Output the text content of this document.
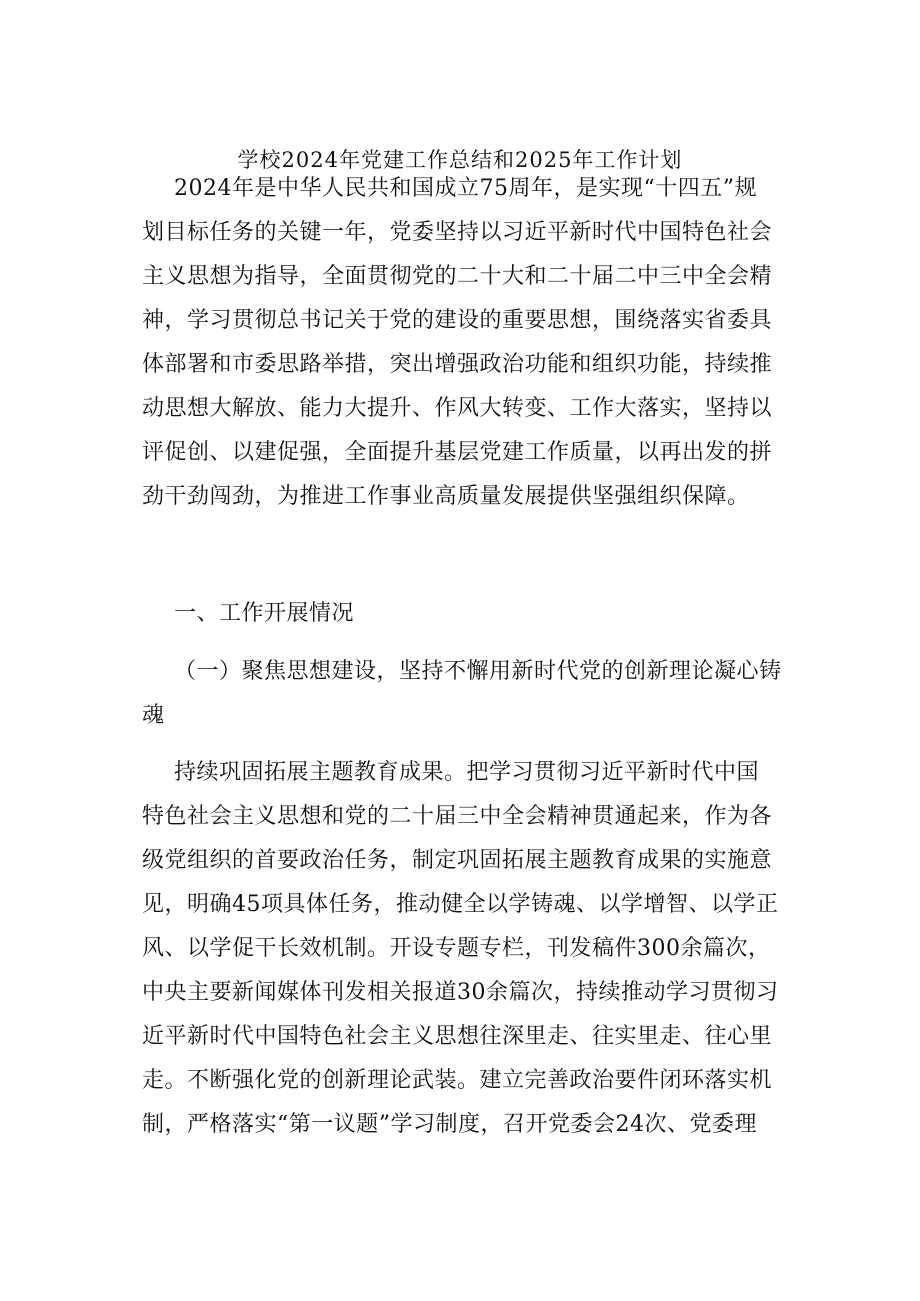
学校2024年党建工作总结和2025年工作计划
2024年是中华人民共和国成立75周年，是实现“十四五”规
划目标任务的关键一年，党委坚持以习近平新时代中国特色社会
主义思想为指导，全面贯彻党的二十大和二十届二中三中全会精
神，学习贯彻总书记关于党的建设的重要思想，围绕落实省委具
体部署和市委思路举措，突出增强政治功能和组织功能，持续推
动思想大解放、能力大提升、作风大转变、工作大落实，坚持以
评促创、以建促强，全面提升基层党建工作质量，以再出发的拼
劲干劲闯劲，为推进工作事业高质量发展提供坚强组织保障。
一、工作开展情况
（一）聚焦思想建设，坚持不懈用新时代党的创新理论凝心铸
魂
持续巩固拓展主题教育成果。把学习贯彻习近平新时代中国
特色社会主义思想和党的二十届三中全会精神贯通起来，作为各
级党组织的首要政治任务，制定巩固拓展主题教育成果的实施意
见，明确45项具体任务，推动健全以学铸魂、以学增智、以学正
风、以学促干长效机制。开设专题专栏，刊发稿件300余篇次，
中央主要新闻媒体刊发相关报道30余篇次，持续推动学习贯彻习
近平新时代中国特色社会主义思想往深里走、往实里走、往心里
走。不断强化党的创新理论武装。建立完善政治要件闭环落实机
制，严格落实“第一议题”学习制度，召开党委会24次、党委理
